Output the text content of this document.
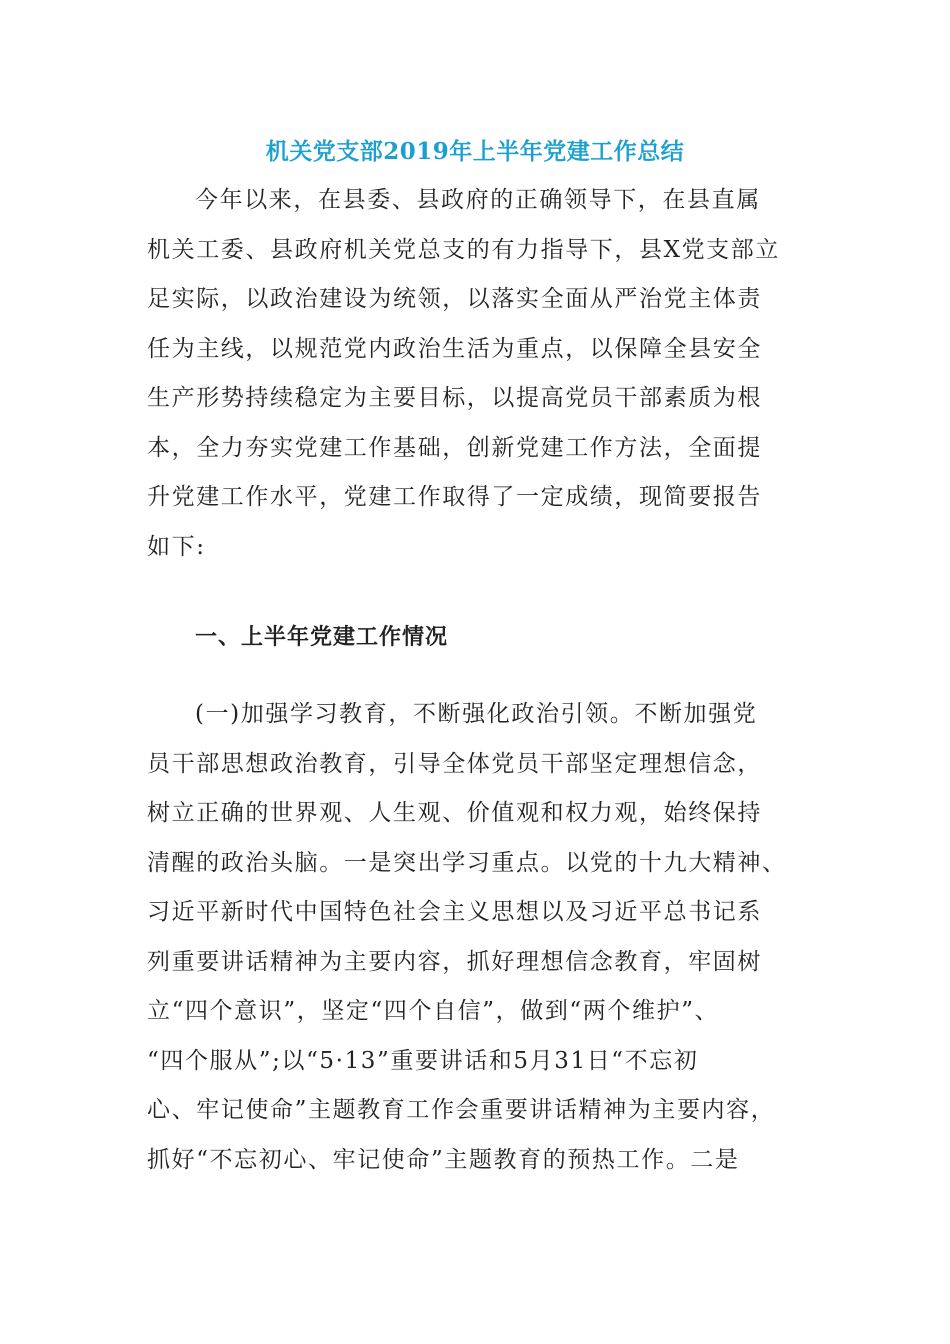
机关党支部2019年上半年党建工作总结
今年以来，在县委、县政府的正确领导下，在县直属
机关工委、县政府机关党总支的有力指导下，县X党支部立
足实际，以政治建设为统领，以落实全面从严治党主体责
任为主线，以规范党内政治生活为重点，以保障全县安全
生产形势持续稳定为主要目标，以提高党员干部素质为根
本，全力夯实党建工作基础，创新党建工作方法，全面提
升党建工作水平，党建工作取得了一定成绩，现简要报告
如下:
一、上半年党建工作情况
(一)加强学习教育，不断强化政治引领。不断加强党
员干部思想政治教育，引导全体党员干部坚定理想信念，
树立正确的世界观、人生观、价值观和权力观，始终保持
清醒的政治头脑。一是突出学习重点。以党的十九大精神、
习近平新时代中国特色社会主义思想以及习近平总书记系
列重要讲话精神为主要内容，抓好理想信念教育，牢固树
立“四个意识”，坚定“四个自信”，做到“两个维护”、
“四个服从”;以“5·13”重要讲话和5月31日“不忘初
心、牢记使命”主题教育工作会重要讲话精神为主要内容，
抓好“不忘初心、牢记使命”主题教育的预热工作。二是
